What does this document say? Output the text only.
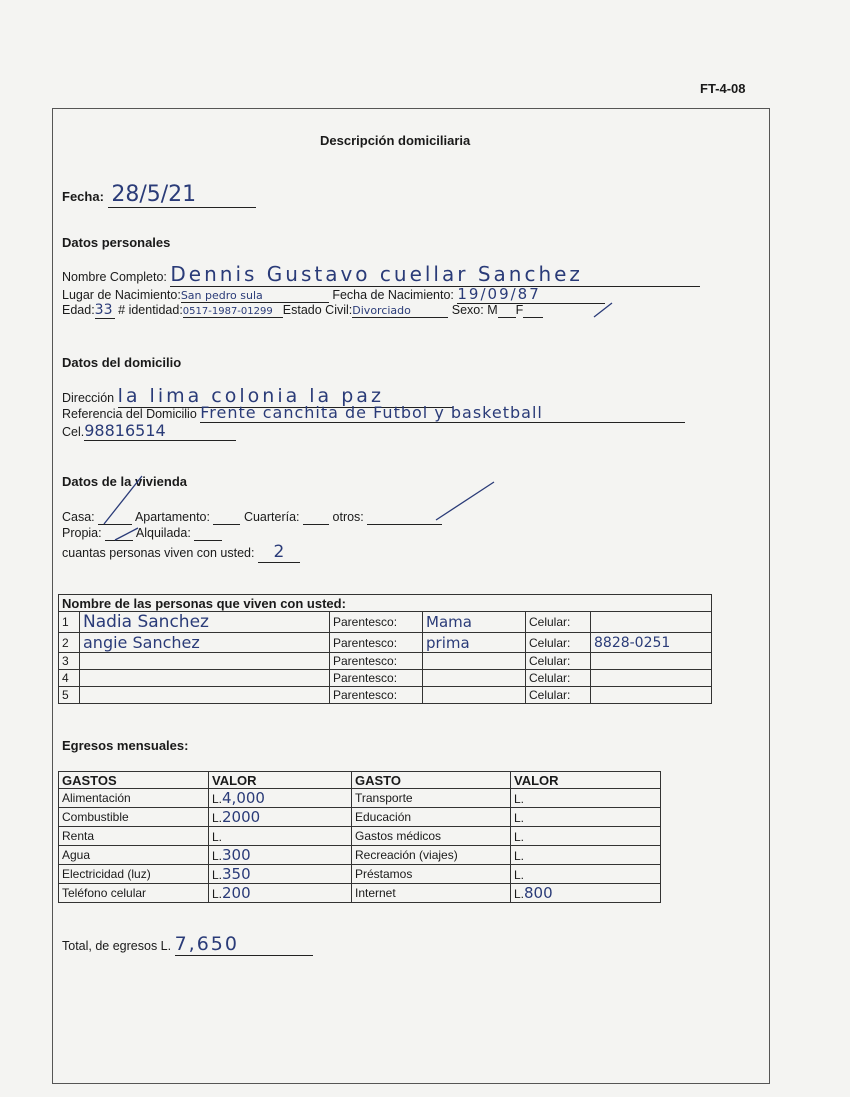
FT-4-08
Descripción domiciliaria
Fecha: 28/5/21
Datos personales
Nombre Completo: Dennis Gustavo cuellar Sanchez
Lugar de Nacimiento:San pedro sula	Fecha de Nacimiento: 19/09/87
Edad:33 # identidad:0517-1987-01299 Estado Civil:Divorciado	Sexo: M F
Datos del domicilio
Dirección la lima colonia la paz
Referencia del Domicilio Frente canchita de Futbol y basketball
Cel.98816514
Datos de la vivienda
Casa:	Apartamento:	Cuartería:	otros:
Propia:	Alquilada:
cuantas personas viven con usted: 2
Nombre de las personas que viven con usted:					
1	Nadia Sanchez	Parentesco:	Mama	Celular:	
2	angie Sanchez	Parentesco:	prima	Celular:	8828-0251
3		Parentesco:		Celular:	
4		Parentesco:		Celular:	
5		Parentesco:		Celular:	
Egresos mensuales:
GASTOS	VALOR	GASTO	VALOR
Alimentación	L.4,000	Transporte	L.
Combustible	L.2000	Educación	L.
Renta	L.	Gastos médicos	L.
Agua	L.300	Recreación (viajes)	L.
Electricidad (luz)	L.350	Préstamos	L.
Teléfono celular	L.200	Internet	L.800
Total, de egresos L. 7,650
